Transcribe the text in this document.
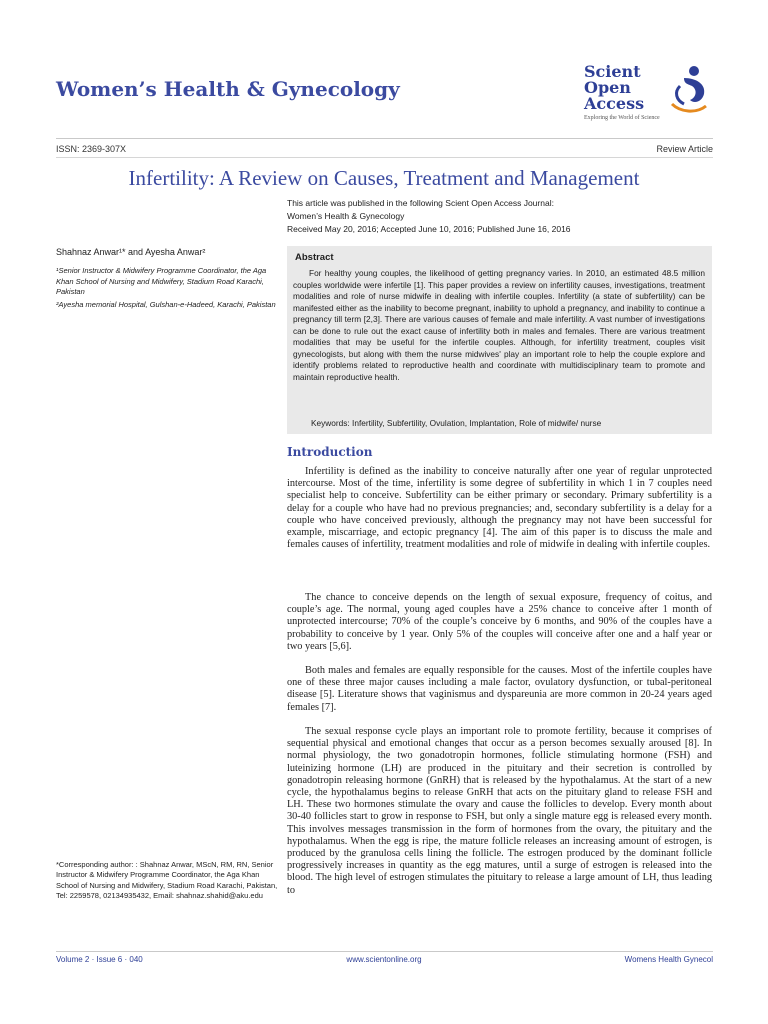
Women’s Health & Gynecology
Scient
Open
Access
Exploring the World of Science
ISSN: 2369-307X	Review Article
Infertility: A Review on Causes, Treatment and Management
This article was published in the following Scient Open Access Journal:
Women’s Health & Gynecology
Received May 20, 2016; Accepted June 10, 2016; Published June 16, 2016
Shahnaz Anwar¹* and Ayesha Anwar²
¹Senior Instructor & Midwifery Programme Coordinator, the Aga Khan School of Nursing and Midwifery, Stadium Road Karachi, Pakistan
²Ayesha memorial Hospital, Gulshan-e-Hadeed, Karachi, Pakistan
Abstract
For healthy young couples, the likelihood of getting pregnancy varies. In 2010, an estimated 48.5 million couples worldwide were infertile [1]. This paper provides a review on infertility causes, investigations, treatment modalities and role of nurse midwife in dealing with infertile couples. Infertility (a state of subfertility) can be manifested either as the inability to become pregnant, inability to uphold a pregnancy, and inability to continue a pregnancy till term [2,3]. There are various causes of female and male infertility. A vast number of investigations can be done to rule out the exact cause of infertility both in males and females. There are various treatment modalities that may be useful for the infertile couples. Although, for infertility treatment, couples visit gynecologists, but along with them the nurse midwives' play an important role to help the couple explore and identify problems related to reproductive health and coordinate with multidisciplinary team to promote and maintain reproductive health.
Keywords: Infertility, Subfertility, Ovulation, Implantation, Role of midwife/ nurse
Introduction
Infertility is defined as the inability to conceive naturally after one year of regular unprotected intercourse. Most of the time, infertility is some degree of subfertility in which 1 in 7 couples need specialist help to conceive. Subfertility can be either primary or secondary. Primary subfertility is a delay for a couple who have had no previous pregnancies; and, secondary subfertility is a delay for a couple who have conceived previously, although the pregnancy may not have been successful for example, miscarriage, and ectopic pregnancy [4]. The aim of this paper is to discuss the male and females causes of infertility, treatment modalities and role of midwife in dealing with infertile couples.
The chance to conceive depends on the length of sexual exposure, frequency of coitus, and couple’s age. The normal, young aged couples have a 25% chance to conceive after 1 month of unprotected intercourse; 70% of the couple’s conceive by 6 months, and 90% of the couples have a probability to conceive by 1 year. Only 5% of the couples will conceive after one and a half year or two years [5,6].
Both males and females are equally responsible for the causes. Most of the infertile couples have one of these three major causes including a male factor, ovulatory dysfunction, or tubal-peritoneal disease [5]. Literature shows that vaginismus and dyspareunia are more common in 20-24 years aged females [7].
The sexual response cycle plays an important role to promote fertility, because it comprises of sequential physical and emotional changes that occur as a person becomes sexually aroused [8]. In normal physiology, the two gonadotropin hormones, follicle stimulating hormone (FSH) and luteinizing hormone (LH) are produced in the pituitary and their secretion is controlled by gonadotropin releasing hormone (GnRH) that is released by the hypothalamus. At the start of a new cycle, the hypothalamus begins to release GnRH that acts on the pituitary gland to release FSH and LH. These two hormones stimulate the ovary and cause the follicles to develop. Every month about 30-40 follicles start to grow in response to FSH, but only a single mature egg is released every month. This involves messages transmission in the form of hormones from the ovary, the pituitary and the hypothalamus. When the egg is ripe, the mature follicle releases an increasing amount of estrogen, is produced by the granulosa cells lining the follicle. The estrogen produced by the dominant follicle progressively increases in quantity as the egg matures, until a surge of estrogen is released into the blood. The high level of estrogen stimulates the pituitary to release a large amount of LH, thus leading to
*Corresponding author: : Shahnaz Anwar, MScN, RM, RN, Senior Instructor & Midwifery Programme Coordinator, the Aga Khan School of Nursing and Midwifery, Stadium Road Karachi, Pakistan, Tel: 2259578, 02134935432, Email: shahnaz.shahid@aku.edu
Volume 2 · Issue 6 · 040	www.scientonline.org	Womens Health Gynecol
